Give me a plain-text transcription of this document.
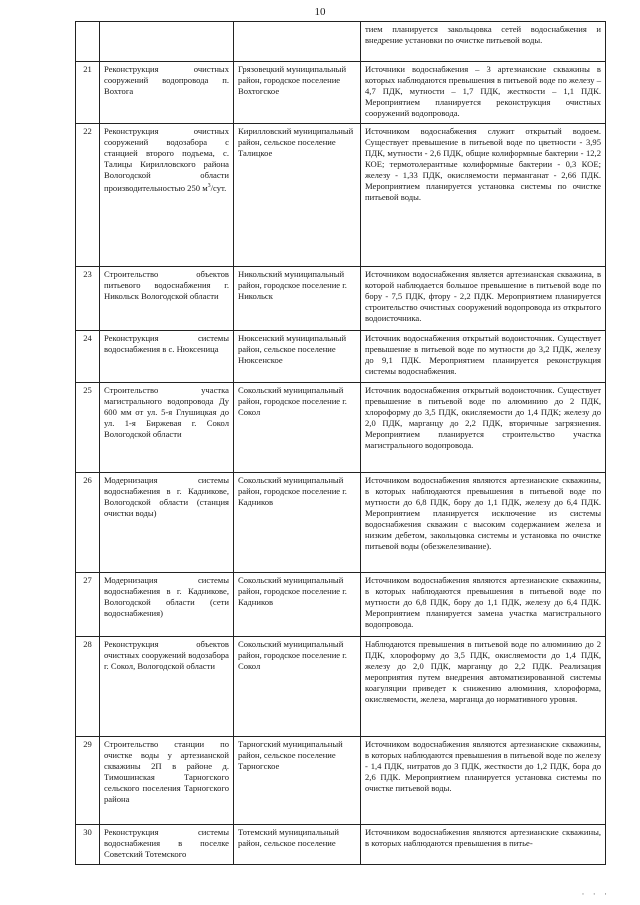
10
			тием планируется закольцовка сетей водоснабжения и внедрение установки по очистке питьевой воды.
21	Реконструкция очистных сооружений водопровода п. Вохтога	Грязовецкий муниципальный район, городское поселение Вохтогское	Источники водоснабжения – 3 артезианские скважины в которых наблюдаются превышения в питьевой воде по железу – 4,7 ПДК, мутности – 1,7 ПДК, жесткости – 1,1 ПДК. Мероприятием планируется реконструкция очистных сооружений водопровода.
22	Реконструкция очистных сооружений водозабора с станцией второго подъема, с. Талицы Кирилловского района Вологодской области производительностью 250 $м^3$/сут.	Кирилловский муниципальный район, сельское поселение Талицкое	Источником водоснабжения служит открытый водоем. Существует превышение в питьевой воде по цветности - 3,95 ПДК, мутности - 2,6 ПДК, общие колиформные бактерии - 12,2 КОЕ; термотолерантные колиформные бактерии - 0,3 КОЕ; железу - 1,33 ПДК, окисляемости перманганат - 2,66 ПДК. Мероприятием планируется установка системы по очистке питьевой воды.
23	Строительство объектов питьевого водоснабжения г. Никольск Вологодской области	Никольский муниципальный район, городское поселение г. Никольск	Источником водоснабжения является артезианская скважина, в которой наблюдается большое превышение в питьевой воде по бору - 7,5 ПДК, фтору - 2,2 ПДК. Мероприятием планируется строительство очистных сооружений водопровода из открытого водоисточника.
24	Реконструкция системы водоснабжения в с. Нюксеница	Нюксенский муниципальный район, сельское поселение Нюксенское	Источник водоснабжения открытый водоисточник. Существует превышение в питьевой воде по мутности до 3,2 ПДК, железу до 9,1 ПДК. Мероприятием планируется реконструкция системы водоснабжения.
25	Строительство участка магистрального водопровода Ду 600 мм от ул. 5-я Глушицкая до ул. 1-я Биржевая г. Сокол Вологодской области	Сокольский муниципальный район, городское поселение г. Сокол	Источник водоснабжения открытый водоисточник. Существует превышение в питьевой воде по алюминию до 2 ПДК, хлороформу до 3,5 ПДК, окисляемости до 1,4 ПДК; железу до 2,0 ПДК, марганцу до 2,2 ПДК, вторичные загрязнения. Мероприятием планируется строительство участка магистрального водопровода.
26	Модернизация системы водоснабжения в г. Кадникове, Вологодской области (станция очистки воды)	Сокольский муниципальный район, городское поселение г. Кадников	Источником водоснабжения являются артезианские скважины, в которых наблюдаются превышения в питьевой воде по мутности до 6,8 ПДК, бору до 1,1 ПДК, железу до 6,4 ПДК. Мероприятием планируется исключение из системы водоснабжения скважин с высоким содержанием железа и низким дебетом, закольцовка системы и установка по очистке питьевой воды (обезжелезивание).
27	Модернизация системы водоснабжения в г. Кадникове, Вологодской области (сети водоснабжения)	Сокольский муниципальный район, городское поселение г. Кадников	Источником водоснабжения являются артезианские скважины, в которых наблюдаются превышения в питьевой воде по мутности до 6,8 ПДК, бору до 1,1 ПДК, железу до 6,4 ПДК. Мероприятием планируется замена участка магистрального водопровода.
28	Реконструкция объектов очистных сооружений водозабора г. Сокол, Вологодской области	Сокольский муниципальный район, городское поселение г. Сокол	Наблюдаются превышения в питьевой воде по алюминию до 2 ПДК, хлороформу до 3,5 ПДК, окисляемости до 1,4 ПДК, железу до 2,0 ПДК, марганцу до 2,2 ПДК. Реализация мероприятия путем внедрения автоматизированной системы коагуляции приведет к снижению алюминия, хлороформа, окисляемости, железа, марганца до нормативного уровня.
29	Строительство станции по очистке воды у артезианской скважины 2П в районе д. Тимошинская Тарногского сельского поселения Тарногского района	Тарногский муниципальный район, сельское поселение Тарногское	Источником водоснабжения являются артезианские скважины, в которых наблюдаются превышения в питьевой воде по железу - 1,4 ПДК, нитратов до 3 ПДК, жесткости до 1,2 ПДК, бора до 2,6 ПДК. Мероприятием планируется установка системы по очистке питьевой воды.
30	Реконструкция системы водоснабжения в поселке Советский Тотемского	Тотемский муниципальный район, сельское поселение	Источником водоснабжения являются артезианские скважины, в которых наблюдаются превышения в питье-
· · ·
